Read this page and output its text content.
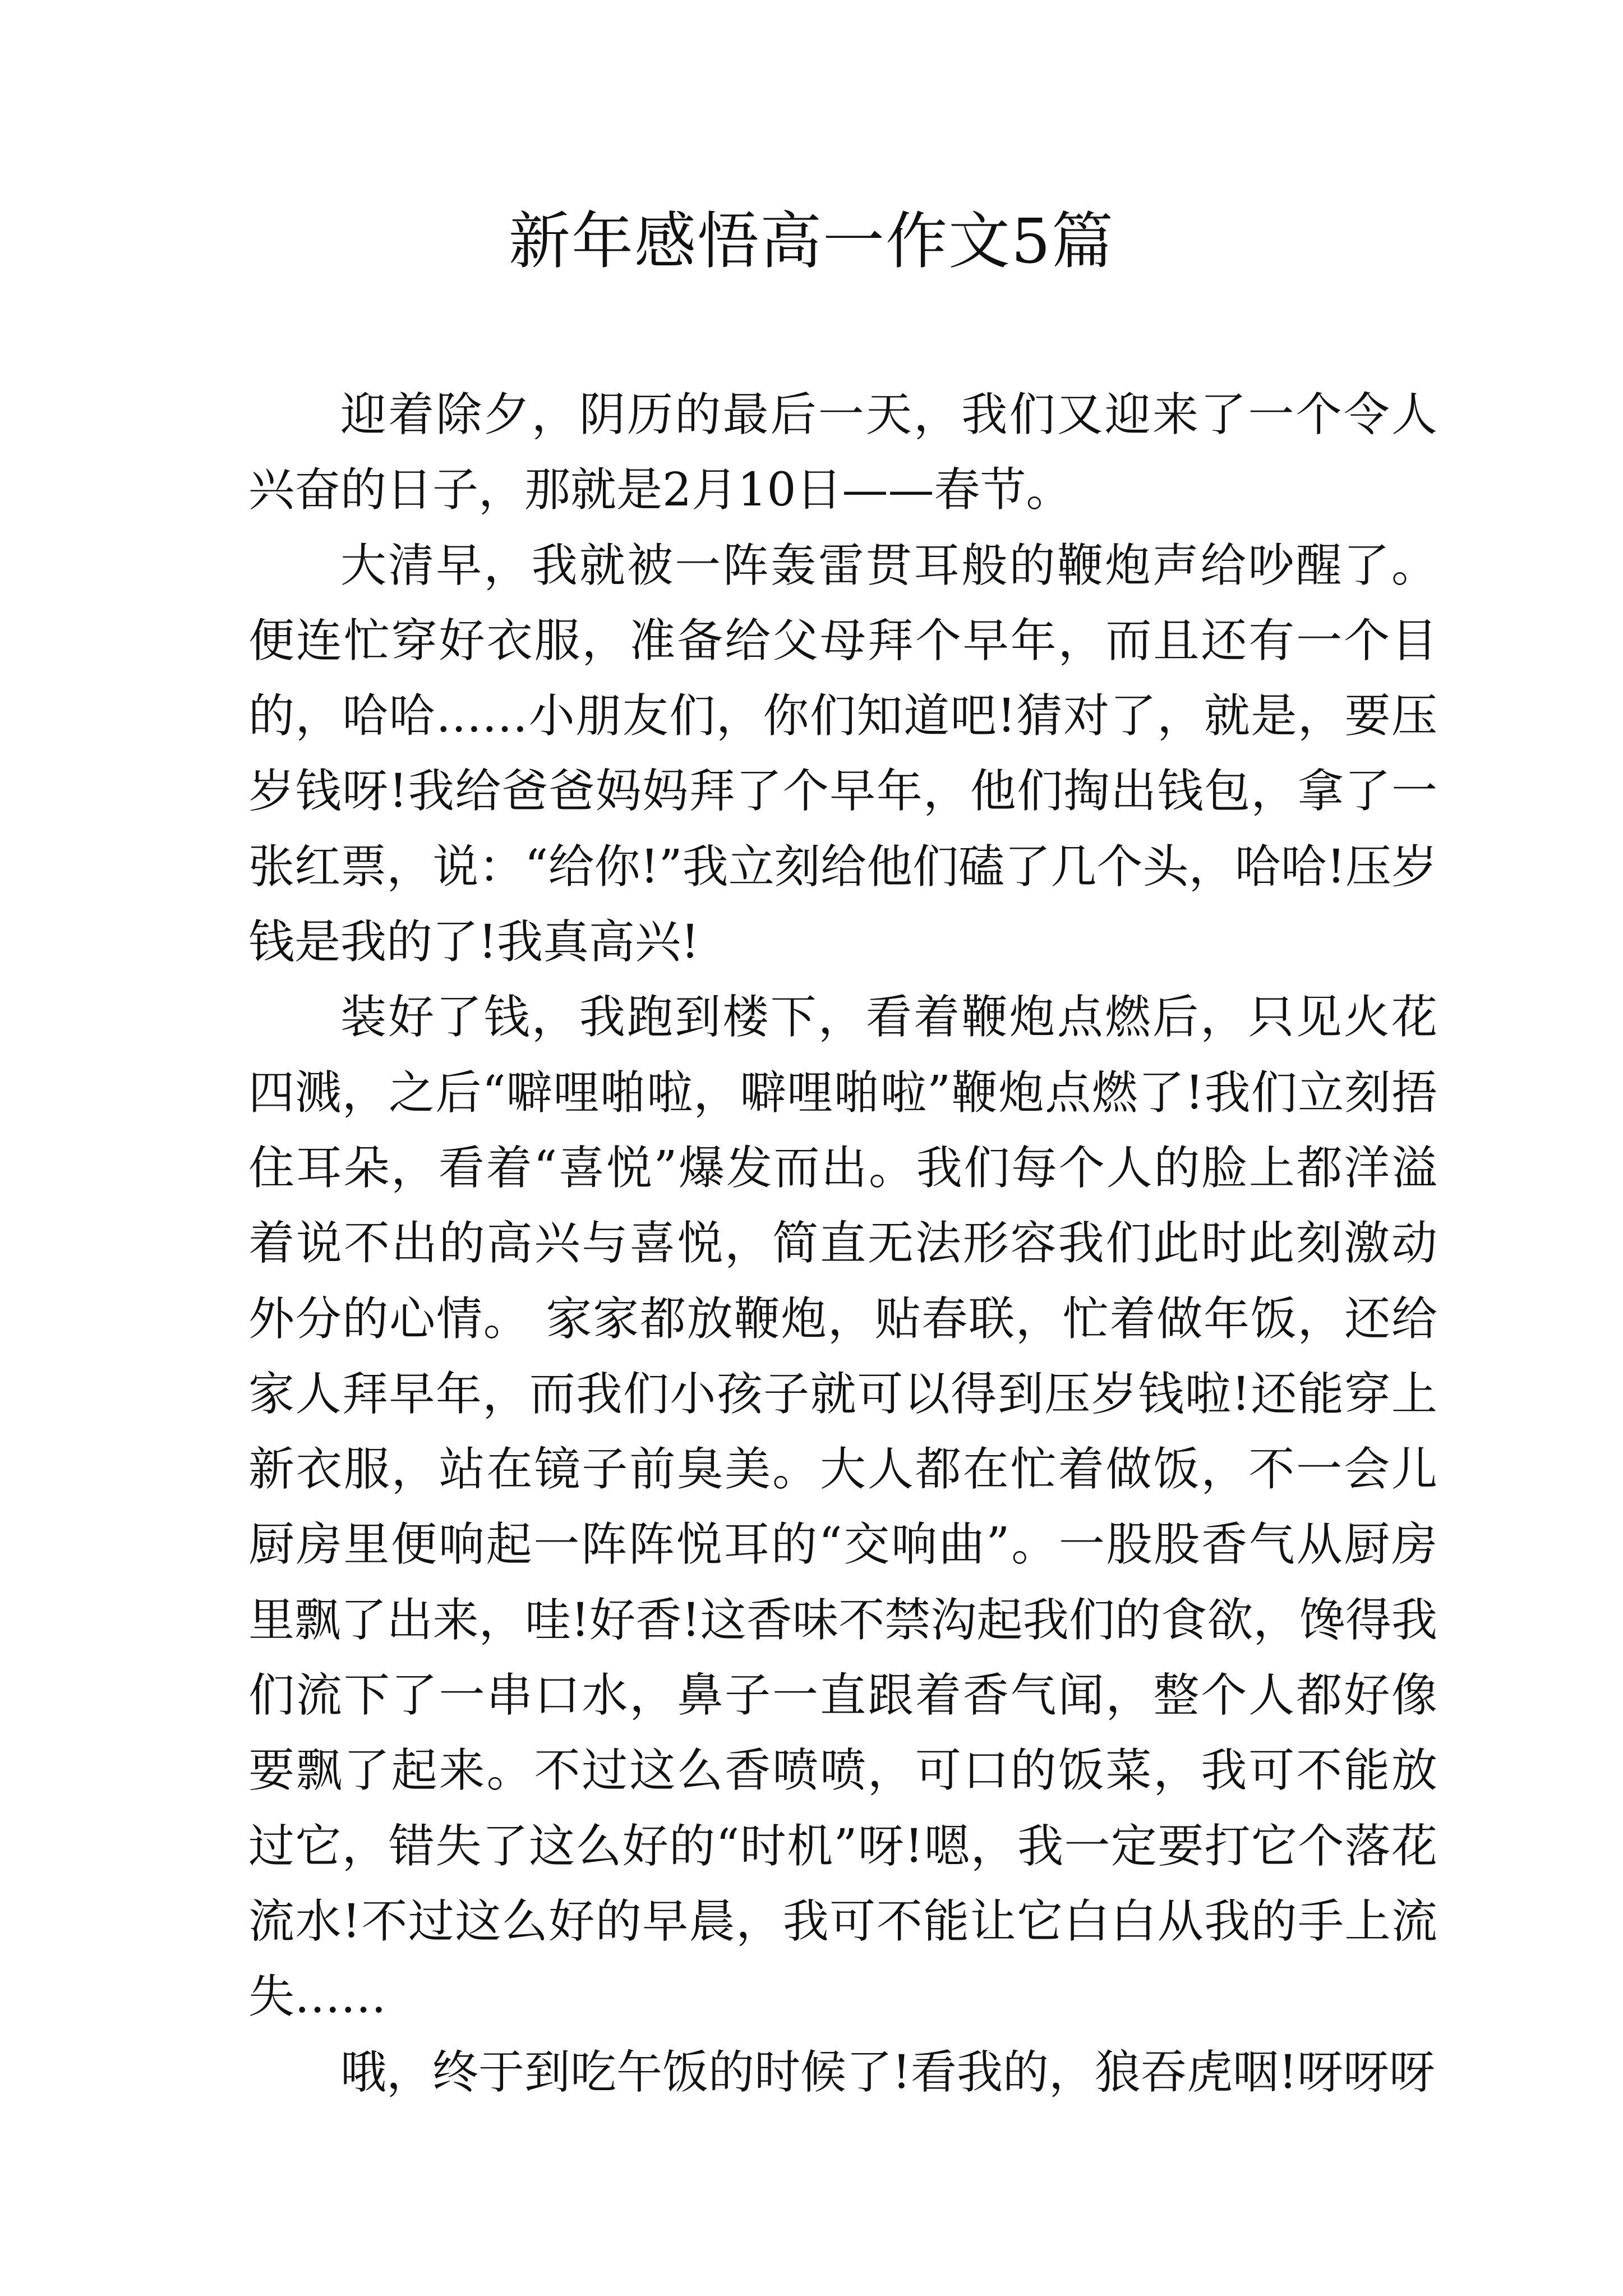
新年感悟高一作文5篇

迎着除夕，阴历的最后一天，我们又迎来了一个令人兴奋的日子，那就是2月10日——春节。

大清早，我就被一阵轰雷贯耳般的鞭炮声给吵醒了。便连忙穿好衣服，准备给父母拜个早年，而且还有一个目的，哈哈……小朋友们，你们知道吧!猜对了，就是，要压岁钱呀!我给爸爸妈妈拜了个早年，他们掏出钱包，拿了一张红票，说：“给你!”我立刻给他们磕了几个头，哈哈!压岁钱是我的了!我真高兴!

装好了钱，我跑到楼下，看着鞭炮点燃后，只见火花四溅，之后“噼哩啪啦，噼哩啪啦”鞭炮点燃了!我们立刻捂住耳朵，看着“喜悦”爆发而出。我们每个人的脸上都洋溢着说不出的高兴与喜悦，简直无法形容我们此时此刻激动外分的心情。 家家都放鞭炮，贴春联，忙着做年饭，还给家人拜早年，而我们小孩子就可以得到压岁钱啦!还能穿上新衣服，站在镜子前臭美。大人都在忙着做饭，不一会儿厨房里便响起一阵阵悦耳的“交响曲”。一股股香气从厨房里飘了出来，哇!好香!这香味不禁沟起我们的食欲，馋得我们流下了一串口水，鼻子一直跟着香气闻，整个人都好像要飘了起来。不过这么香喷喷，可口的饭菜，我可不能放过它，错失了这么好的“时机”呀!嗯，我一定要打它个落花流水!不过这么好的早晨，我可不能让它白白从我的手上流失……

哦，终于到吃午饭的时候了!看我的，狼吞虎咽!呀呀呀
